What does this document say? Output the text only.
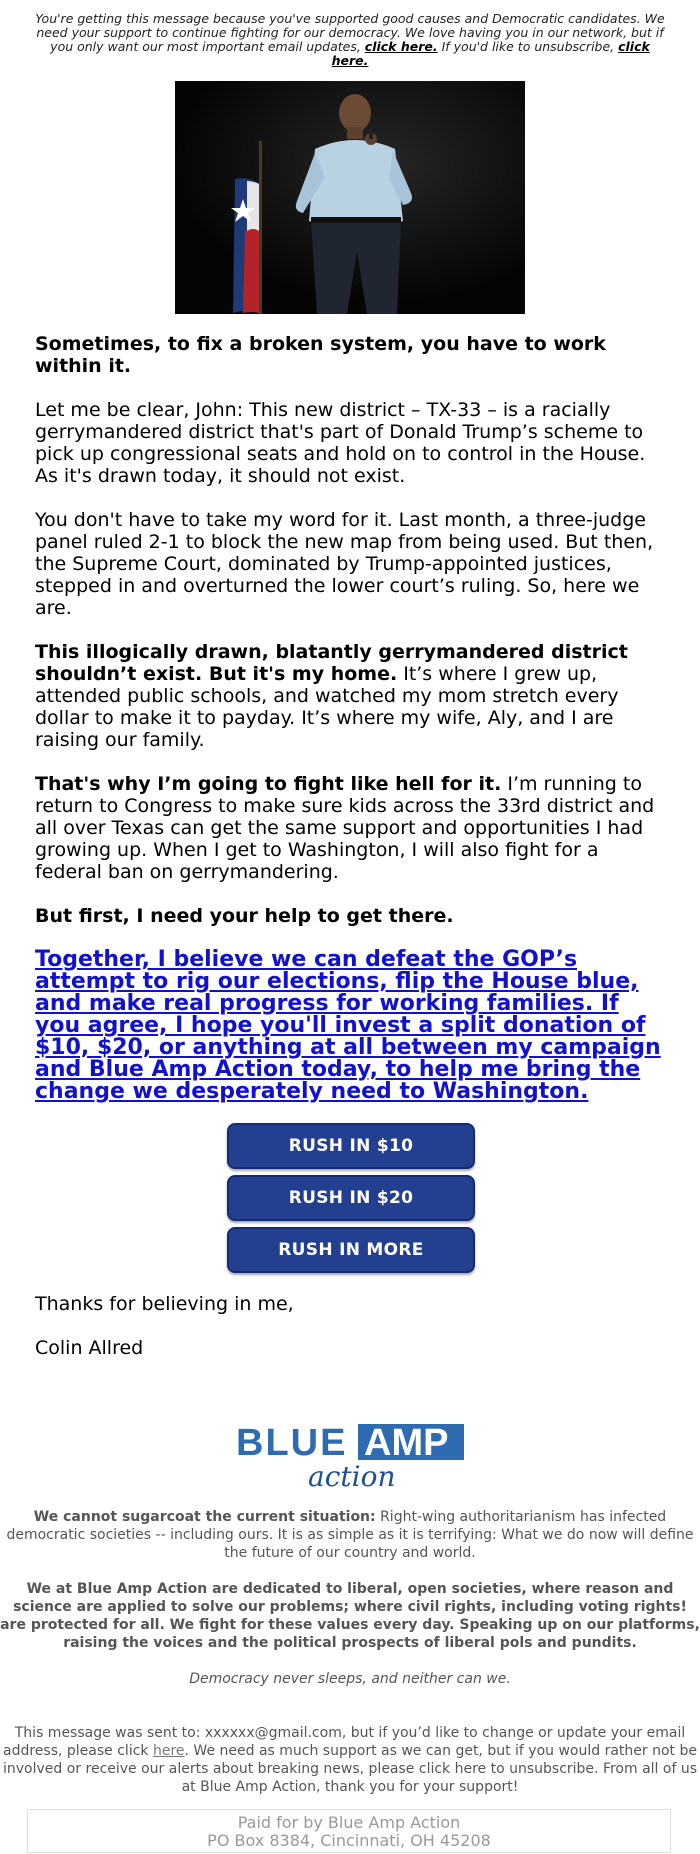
You're getting this message because you've supported good causes and Democratic candidates. We need your support to continue fighting for our democracy. We love having you in our network, but if you only want our most important email updates, click here. If you'd like to unsubscribe, click here.

Sometimes, to fix a broken system, you have to work within it.

Let me be clear, John: This new district – TX-33 – is a racially gerrymandered district that's part of Donald Trump’s scheme to pick up congressional seats and hold on to control in the House. As it's drawn today, it should not exist.

You don't have to take my word for it. Last month, a three-judge panel ruled 2-1 to block the new map from being used. But then, the Supreme Court, dominated by Trump-appointed justices, stepped in and overturned the lower court’s ruling. So, here we are.

This illogically drawn, blatantly gerrymandered district shouldn’t exist. But it's my home. It’s where I grew up, attended public schools, and watched my mom stretch every dollar to make it to payday. It’s where my wife, Aly, and I are raising our family.

That's why I’m going to fight like hell for it. I’m running to return to Congress to make sure kids across the 33rd district and all over Texas can get the same support and opportunities I had growing up. When I get to Washington, I will also fight for a federal ban on gerrymandering.

But first, I need your help to get there.

Together, I believe we can defeat the GOP’s attempt to rig our elections, flip the House blue, and make real progress for working families. If you agree, I hope you'll invest a split donation of $10, $20, or anything at all between my campaign and Blue Amp Action today, to help me bring the change we desperately need to Washington.
RUSH IN $10
RUSH IN $20
RUSH IN MORE

Thanks for believing in me,

Colin Allred

BLUE AMP
action

We cannot sugarcoat the current situation: Right-wing authoritarianism has infected democratic societies -- including ours. It is as simple as it is terrifying: What we do now will define the future of our country and world.

We at Blue Amp Action are dedicated to liberal, open societies, where reason and science are applied to solve our problems; where civil rights, including voting rights! are protected for all. We fight for these values every day. Speaking up on our platforms, raising the voices and the political prospects of liberal pols and pundits.

Democracy never sleeps, and neither can we.

This message was sent to: xxxxxx@gmail.com, but if you’d like to change or update your email address, please click here. We need as much support as we can get, but if you would rather not be involved or receive our alerts about breaking news, please click here to unsubscribe. From all of us at Blue Amp Action, thank you for your support!

Paid for by Blue Amp Action
PO Box 8384, Cincinnati, OH 45208
